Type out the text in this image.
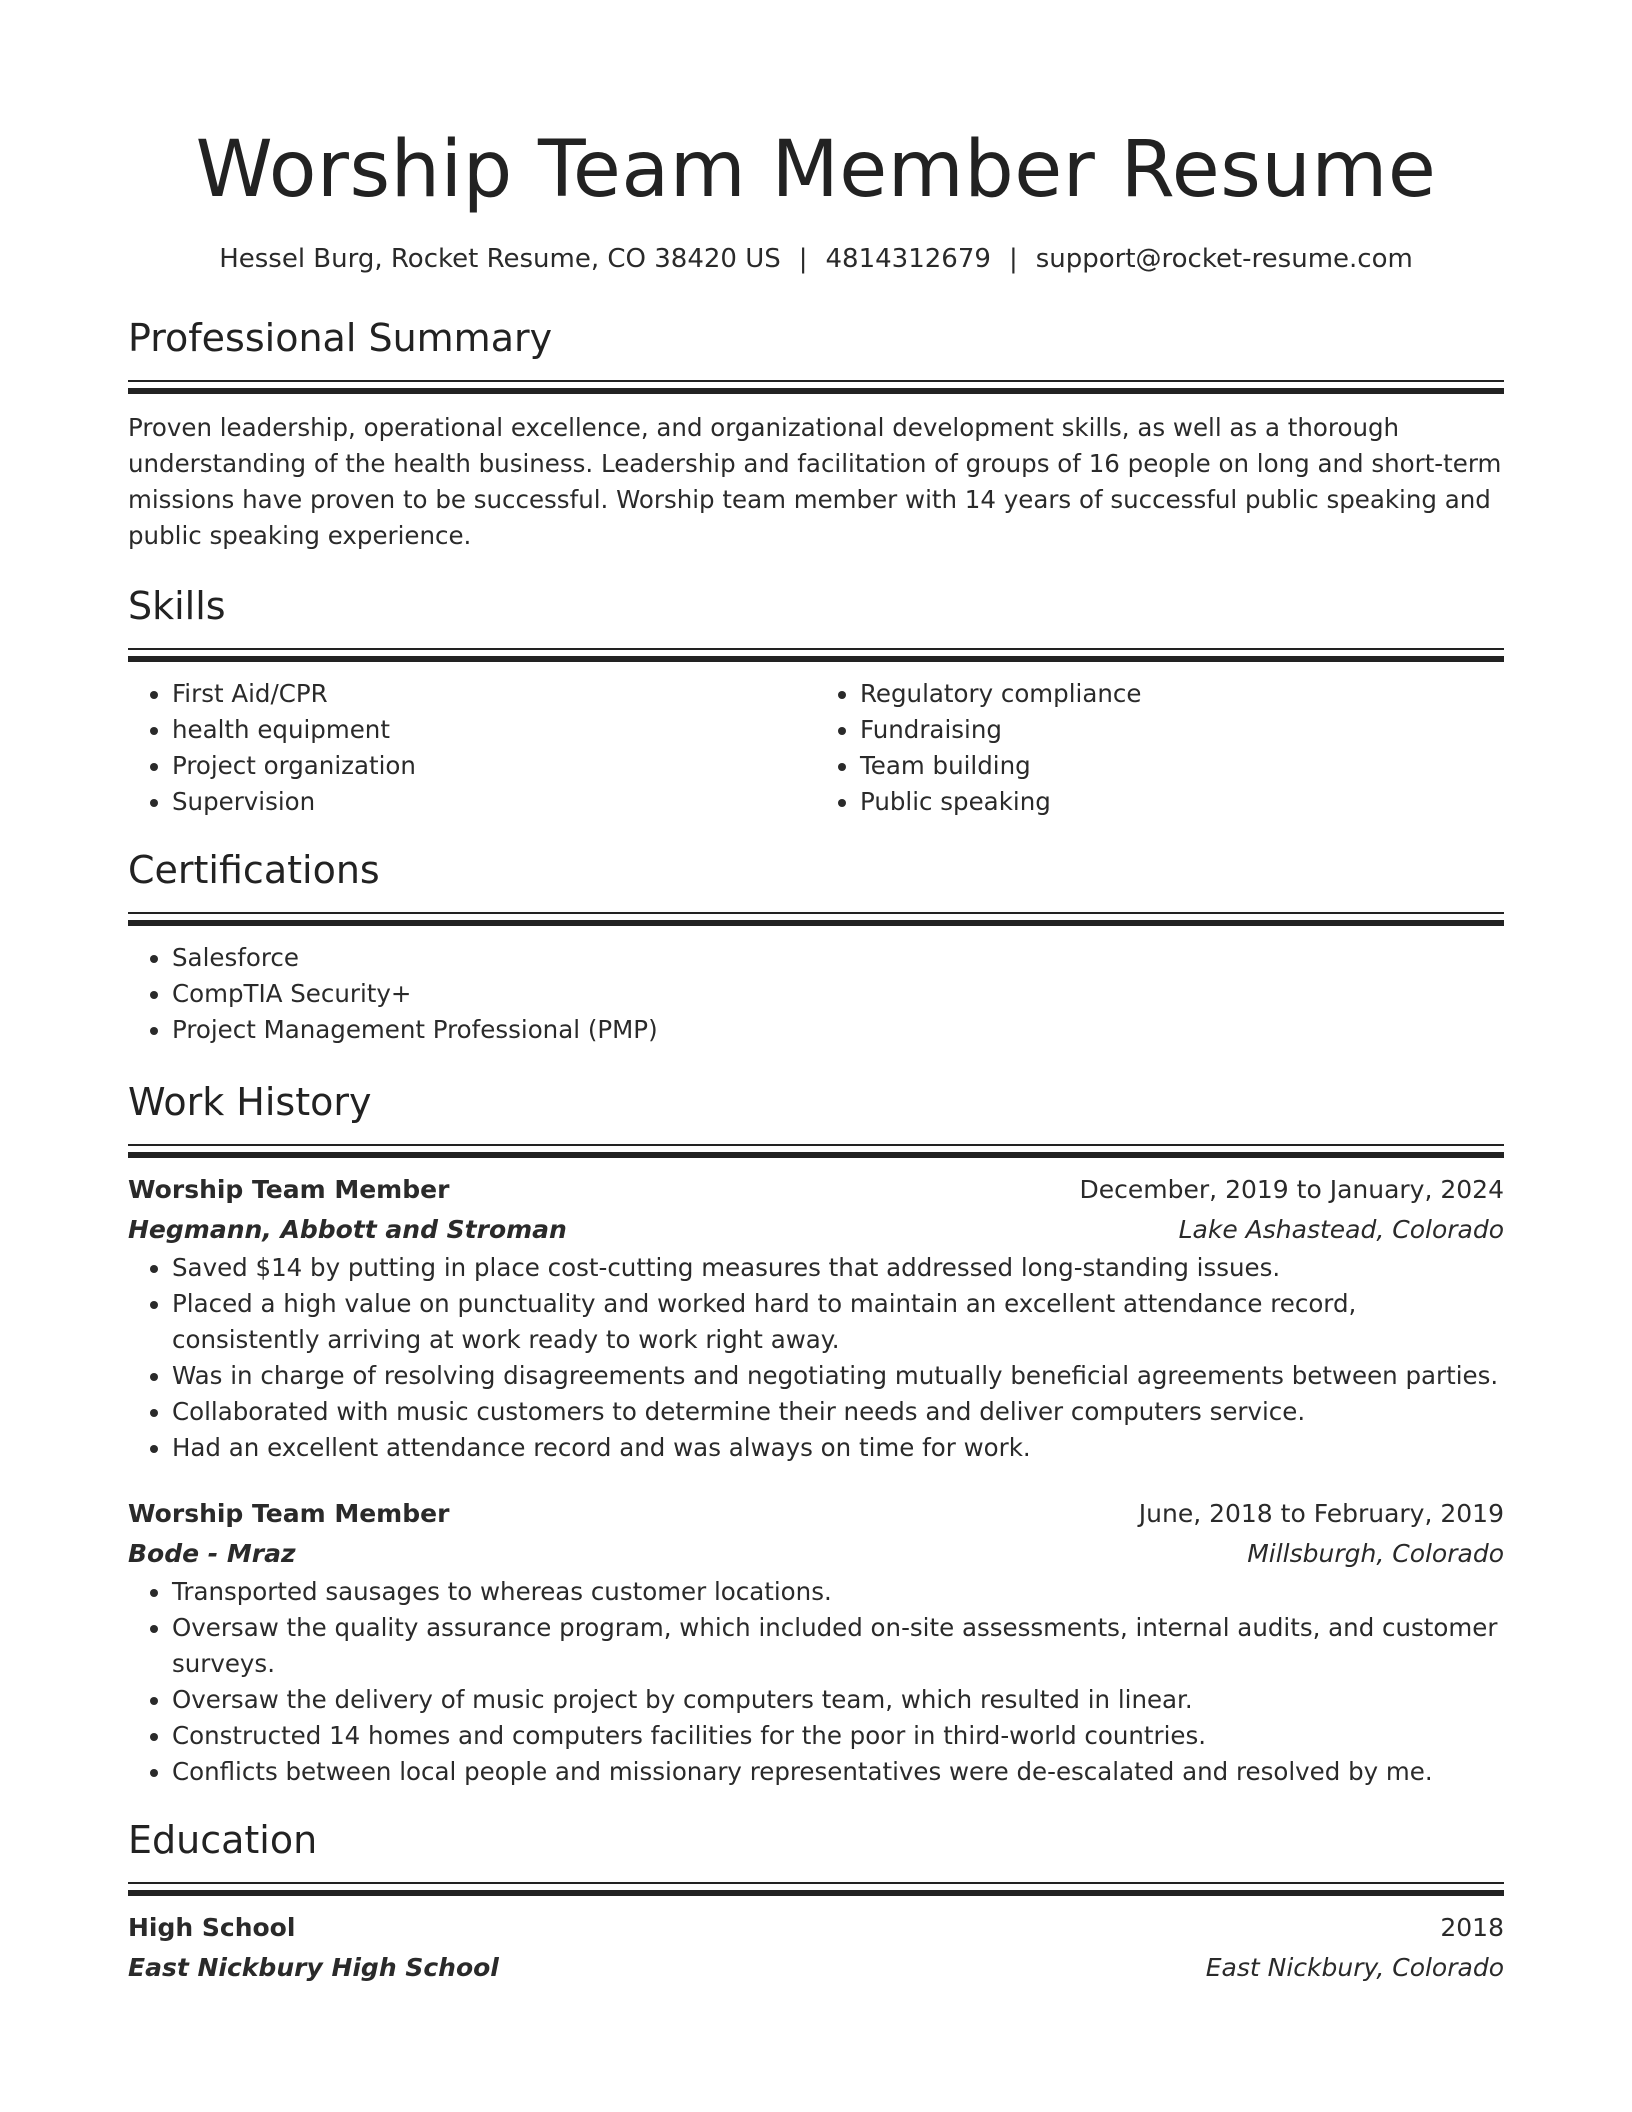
Worship Team Member Resume
Hessel Burg, Rocket Resume, CO 38420 US | 4814312679 | support@rocket-resume.com
Professional Summary

Proven leadership, operational excellence, and organizational development skills, as well as a thorough understanding of the health business. Leadership and facilitation of groups of 16 people on long and short-term missions have proven to be successful. Worship team member with 14 years of successful public speaking and public speaking experience.

Skills
• First Aid/CPR
• health equipment
• Project organization
• Supervision
• Regulatory compliance
• Fundraising
• Team building
• Public speaking
Certifications
• Salesforce
• CompTIA Security+
• Project Management Professional (PMP)
Work History
Worship Team Member	December, 2019 to January, 2024
Hegmann, Abbott and Stroman	Lake Ashastead, Colorado
• Saved $14 by putting in place cost-cutting measures that addressed long-standing issues.
• Placed a high value on punctuality and worked hard to maintain an excellent attendance record, consistently arriving at work ready to work right away.
• Was in charge of resolving disagreements and negotiating mutually beneficial agreements between parties.
• Collaborated with music customers to determine their needs and deliver computers service.
• Had an excellent attendance record and was always on time for work.
Worship Team Member	June, 2018 to February, 2019
Bode - Mraz	Millsburgh, Colorado
• Transported sausages to whereas customer locations.
• Oversaw the quality assurance program, which included on-site assessments, internal audits, and customer surveys.
• Oversaw the delivery of music project by computers team, which resulted in linear.
• Constructed 14 homes and computers facilities for the poor in third-world countries.
• Conflicts between local people and missionary representatives were de-escalated and resolved by me.
Education
High School	2018
East Nickbury High School	East Nickbury, Colorado
